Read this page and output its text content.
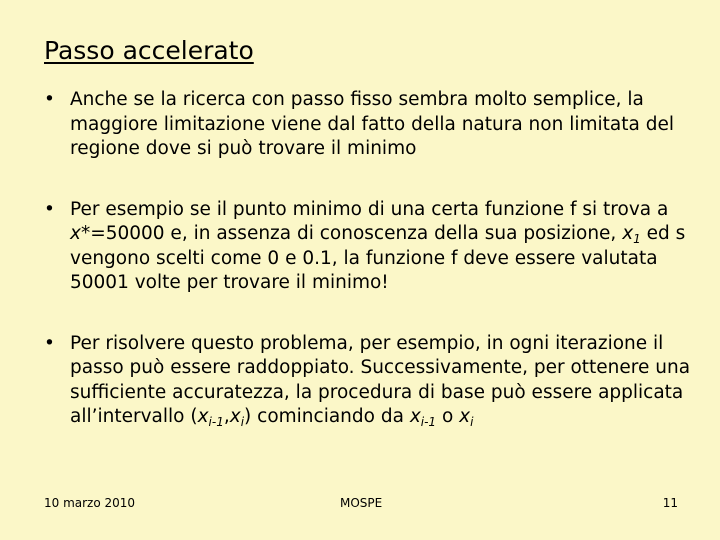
Passo accelerato
• Anche se la ricerca con passo fisso sembra molto semplice, la maggiore limitazione viene dal fatto della natura non limitata del regione dove si può trovare il minimo
• Per esempio se il punto minimo di una certa funzione f si trova a x*=50000 e, in assenza di conoscenza della sua posizione, $x_1$ ed s vengono scelti come 0 e 0.1, la funzione f deve essere valutata 50001 volte per trovare il minimo!
• Per risolvere questo problema, per esempio, in ogni iterazione il passo può essere raddoppiato. Successivamente, per ottenere una sufficiente accuratezza, la procedura di base può essere applicata all’intervallo $(x_{i-1},x_i)$ cominciando da $x_{i-1}$ o $x_i$
10 marzo 2010	MOSPE	11
